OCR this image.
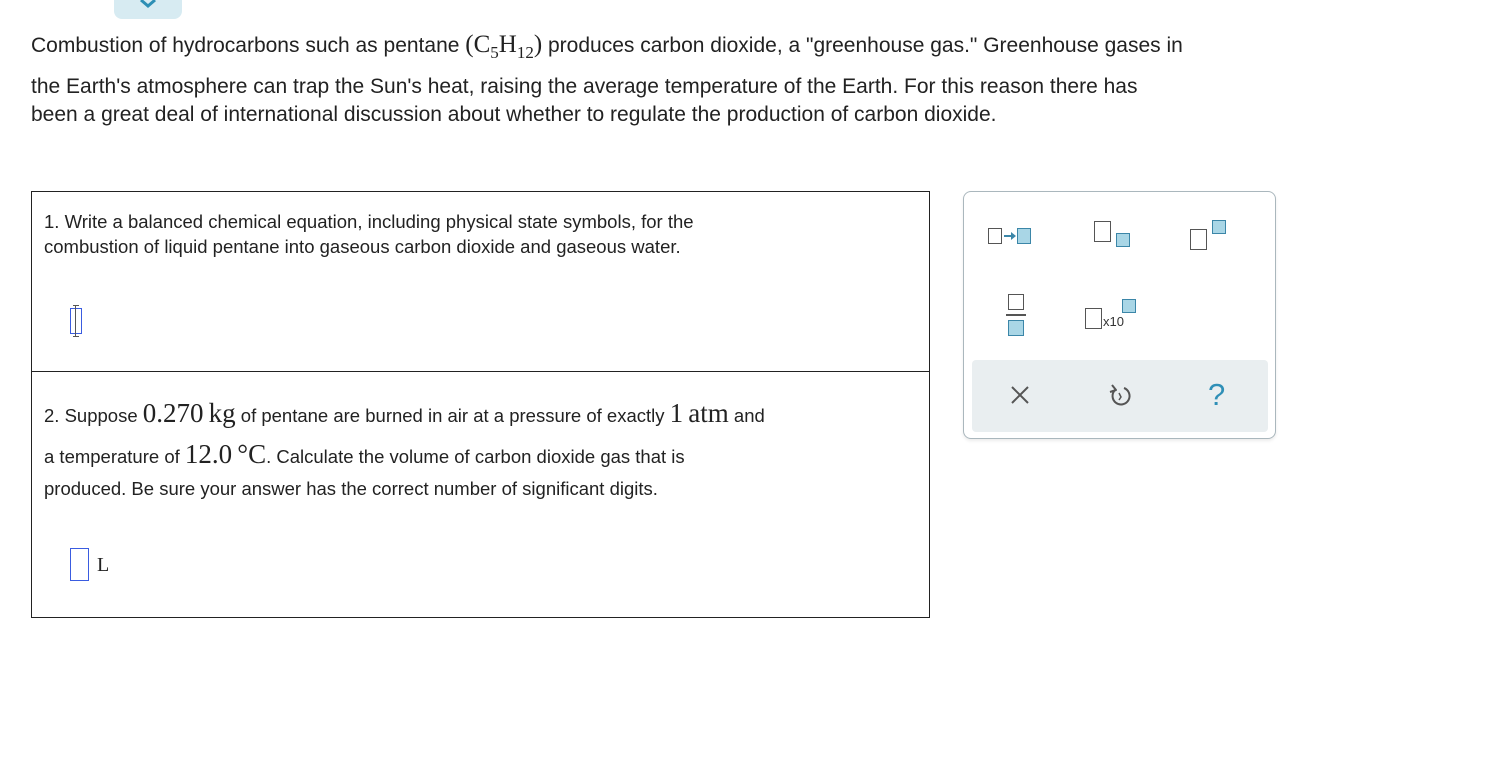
Combustion of hydrocarbons such as pentane $(C_5H_{12})$ produces carbon dioxide, a "greenhouse gas." Greenhouse gases in
the Earth's atmosphere can trap the Sun's heat, raising the average temperature of the Earth. For this reason there has
been a great deal of international discussion about whether to regulate the production of carbon dioxide.
1. Write a balanced chemical equation, including physical state symbols, for the
combustion of liquid pentane into gaseous carbon dioxide and gaseous water.
2. Suppose 0.270 kg of pentane are burned in air at a pressure of exactly 1 atm and
a temperature of 12.0 °C. Calculate the volume of carbon dioxide gas that is
produced. Be sure your answer has the correct number of significant digits.
L
x10
?
